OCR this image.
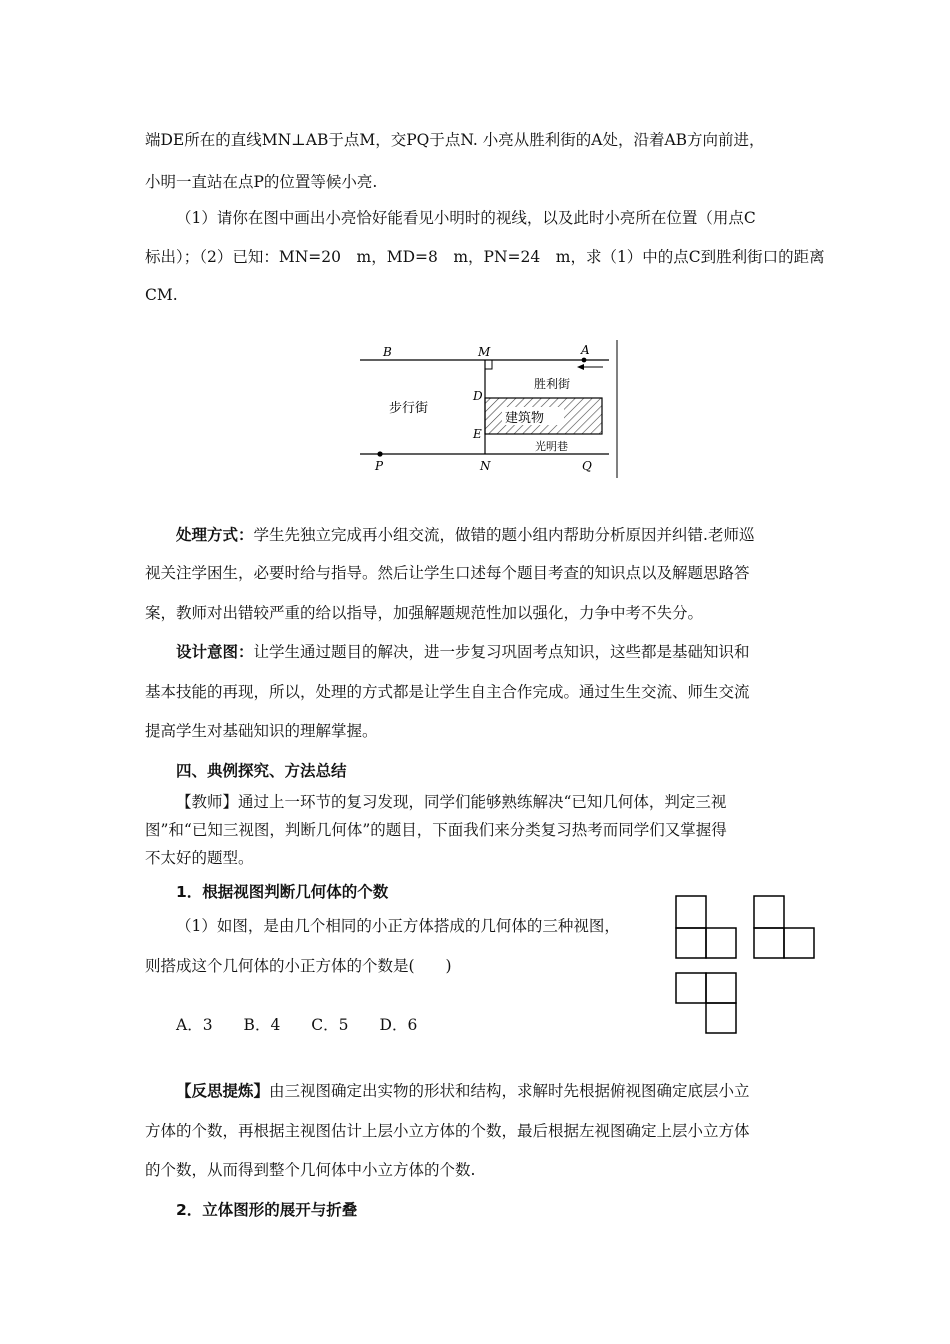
端DE所在的直线MN⊥AB于点M，交PQ于点N. 小亮从胜利街的A处，沿着AB方向前进，
小明一直站在点P的位置等候小亮.
（1）请你在图中画出小亮恰好能看见小明时的视线，以及此时小亮所在位置（用点C
标出）；（2）已知：MN=20　m，MD=8　m，PN=24　m，求（1）中的点C到胜利街口的距离
CM.
B	M	A
D
E
P	N	Q
胜利街
步行街
建筑物
光明巷
处理方式：学生先独立完成再小组交流，做错的题小组内帮助分析原因并纠错.老师巡
视关注学困生，必要时给与指导。然后让学生口述每个题目考查的知识点以及解题思路答
案，教师对出错较严重的给以指导，加强解题规范性加以强化，力争中考不失分。
设计意图：让学生通过题目的解决，进一步复习巩固考点知识，这些都是基础知识和
基本技能的再现，所以，处理的方式都是让学生自主合作完成。通过生生交流、师生交流
提高学生对基础知识的理解掌握。
四、典例探究、方法总结
【教师】通过上一环节的复习发现，同学们能够熟练解决“已知几何体，判定三视
图”和“已知三视图，判断几何体”的题目，下面我们来分类复习热考而同学们又掌握得
不太好的题型。
1．根据视图判断几何体的个数
（1）如图，是由几个相同的小正方体搭成的几何体的三种视图，
则搭成这个几何体的小正方体的个数是(　　)
A．3　　B．4　　C．5　　D．6
【反思提炼】由三视图确定出实物的形状和结构，求解时先根据俯视图确定底层小立
方体的个数，再根据主视图估计上层小立方体的个数，最后根据左视图确定上层小立方体
的个数，从而得到整个几何体中小立方体的个数.
2．立体图形的展开与折叠
